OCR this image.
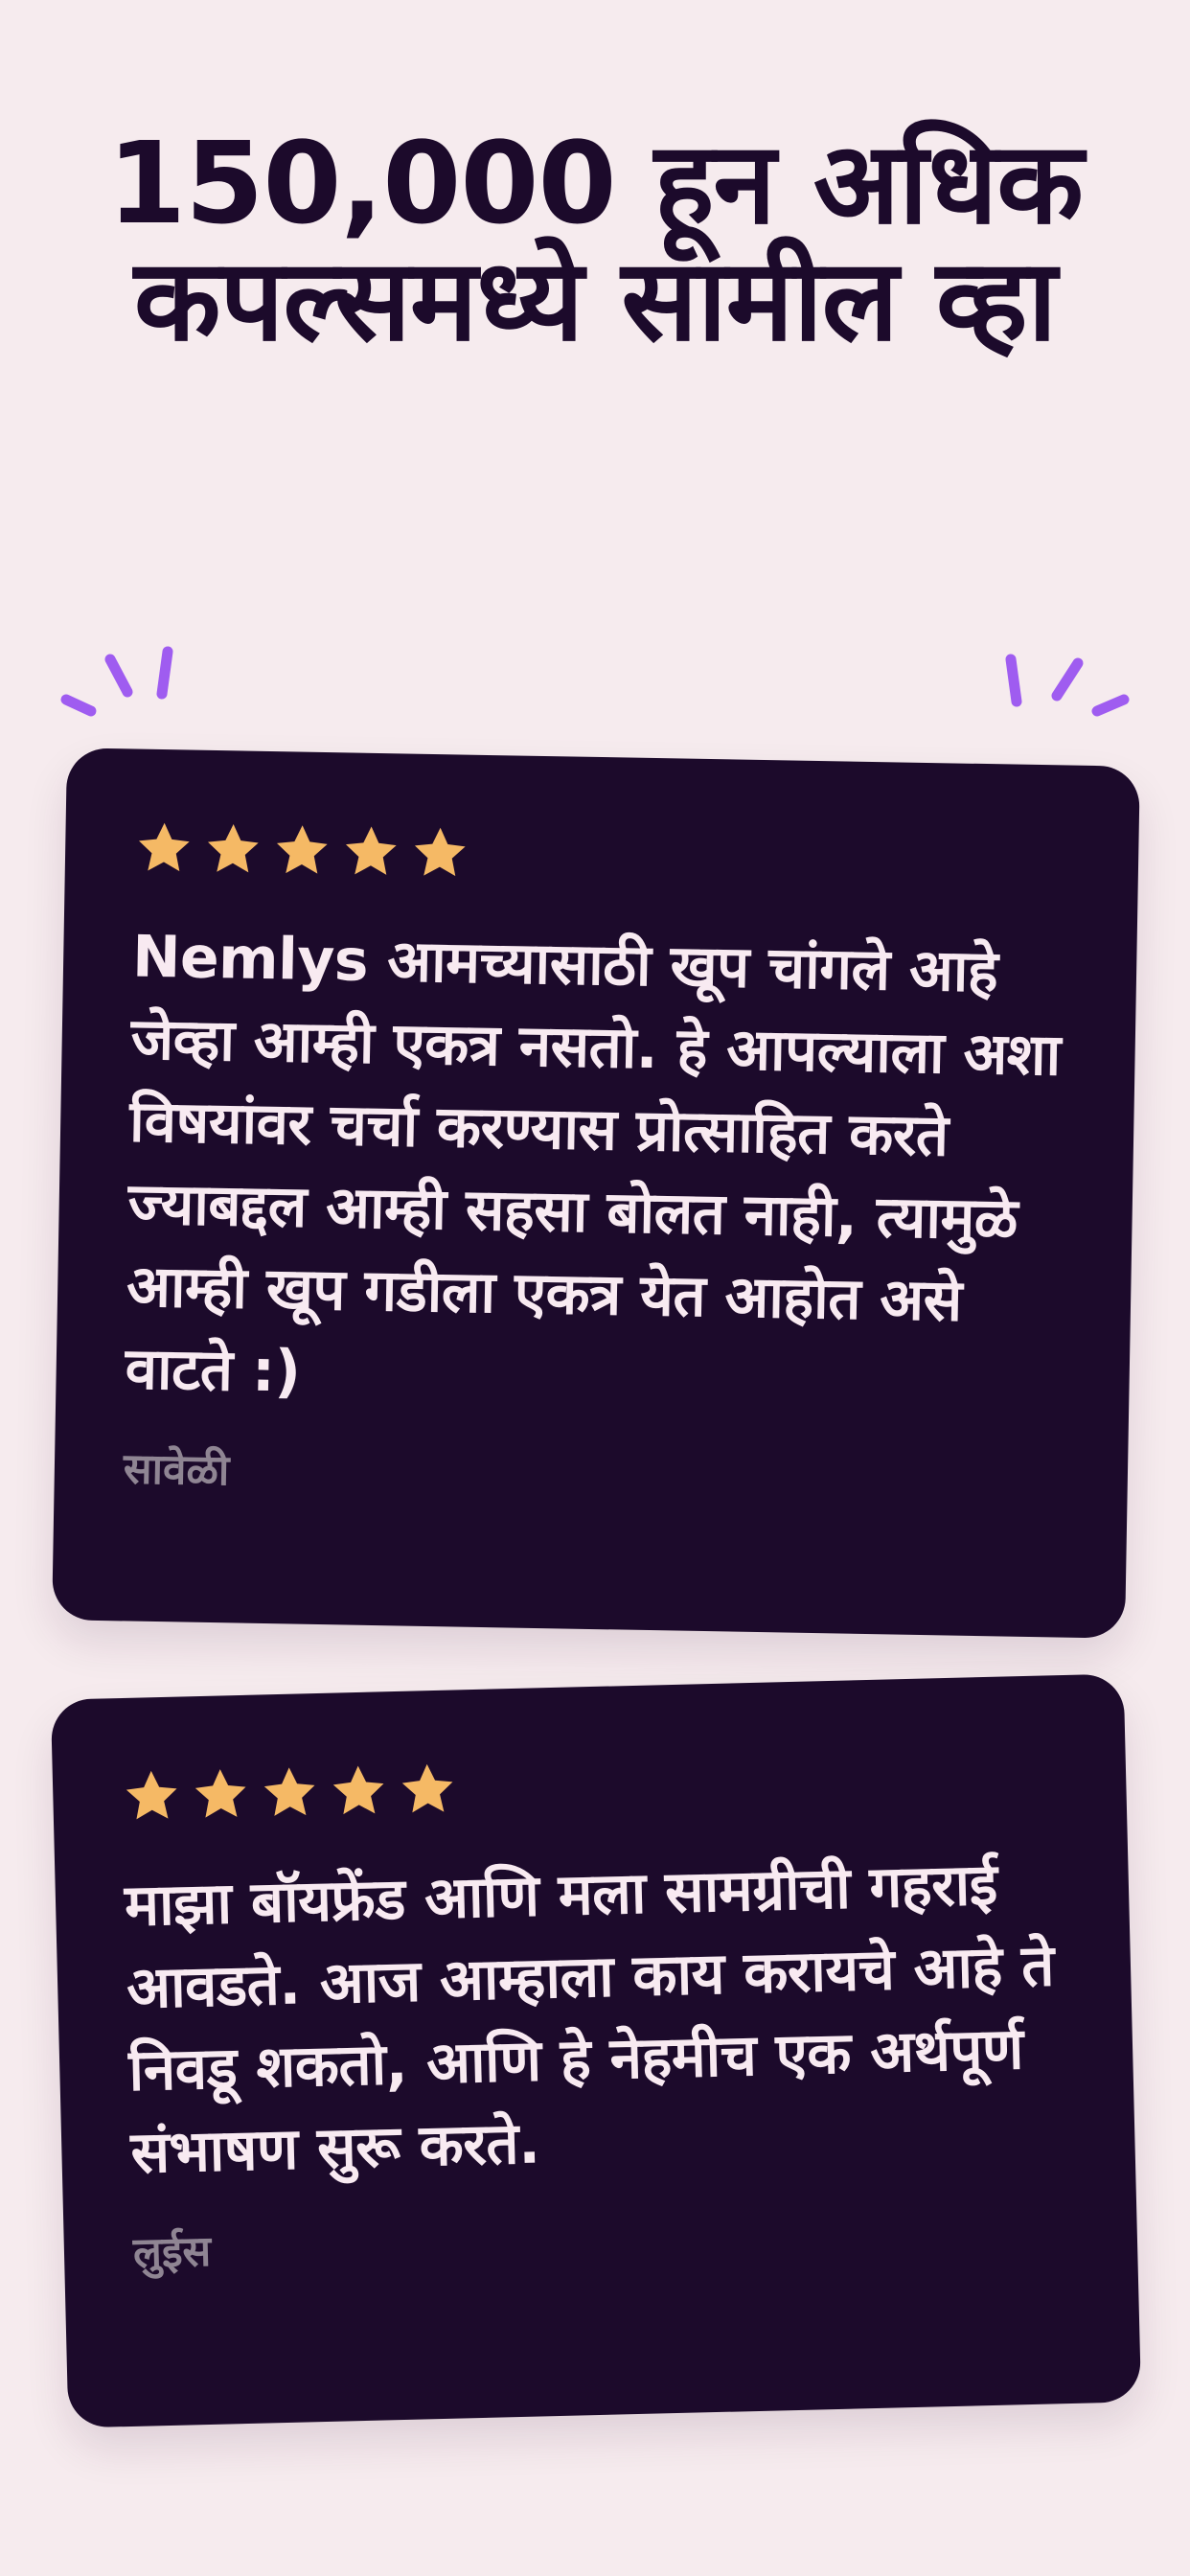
150,000 हून अधिक कपल्समध्ये सामील व्हा

Nemlys आमच्यासाठी खूप चांगले आहे जेव्हा आम्ही एकत्र नसतो. हे आपल्याला अशा विषयांवर चर्चा करण्यास प्रोत्साहित करते ज्याबद्दल आम्ही सहसा बोलत नाही, त्यामुळे आम्ही खूप गडीला एकत्र येत आहोत असे वाटते :)

सावेळी

माझा बॉयफ्रेंड आणि मला सामग्रीची गहराई आवडते. आज आम्हाला काय करायचे आहे ते निवडू शकतो, आणि हे नेहमीच एक अर्थपूर्ण संभाषण सुरू करते.

लुईस
